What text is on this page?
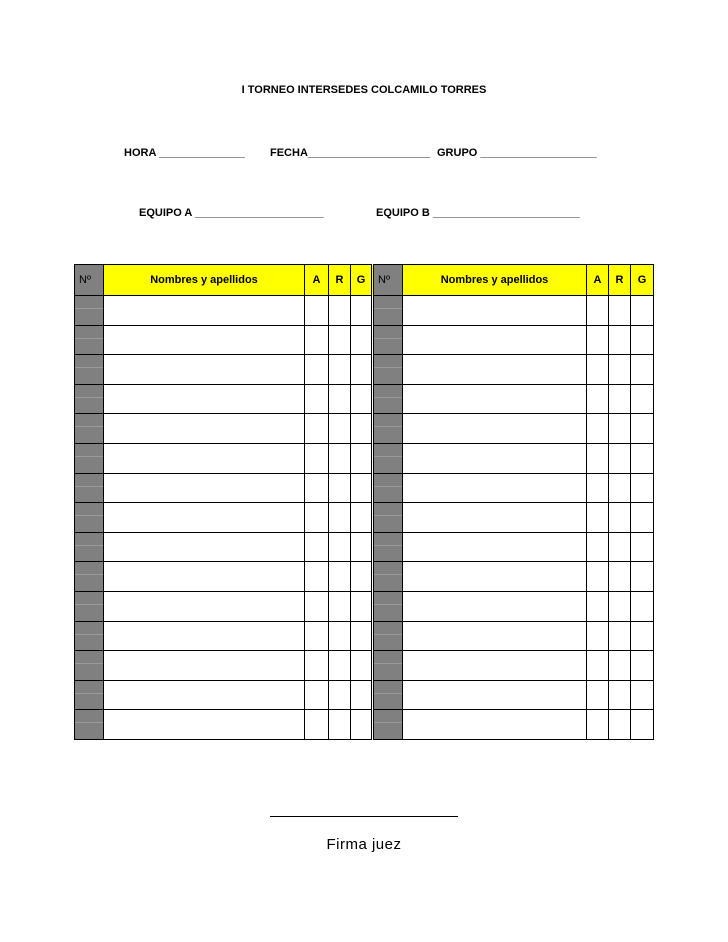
I TORNEO INTERSEDES COLCAMILO TORRES
HORA ______________ FECHA____________________ GRUPO ___________________
EQUIPO A _____________________	EQUIPO B ________________________
Nº	Nombres y apellidos	A	R	G	Nº	Nombres y apellidos	A	R	G

Firma juez
